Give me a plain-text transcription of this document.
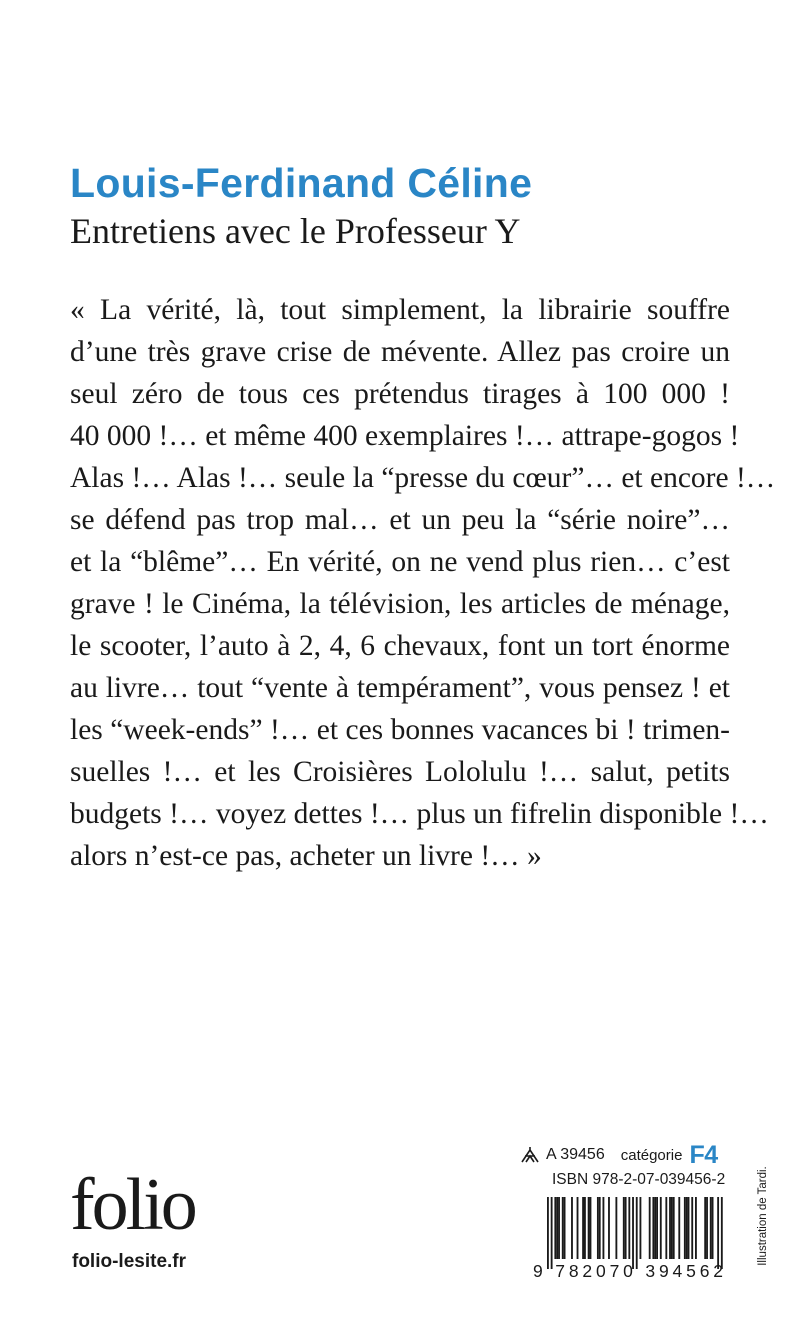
Louis-Ferdinand Céline
Entretiens avec le Professeur Y
« La vérité, là, tout simplement, la librairie souffre
d’une très grave crise de mévente. Allez pas croire un
seul zéro de tous ces prétendus tirages à 100 000 !
40 000 !… et même 400 exemplaires !… attrape-gogos !
Alas !… Alas !… seule la “presse du cœur”… et encore !…
se défend pas trop mal… et un peu la “série noire”…
et la “blême”… En vérité, on ne vend plus rien… c’est
grave ! le Cinéma, la télévision, les articles de ménage,
le scooter, l’auto à 2, 4, 6 chevaux, font un tort énorme
au livre… tout “vente à tempérament”, vous pensez ! et
les “week-ends” !… et ces bonnes vacances bi ! trimen-
suelles !… et les Croisières Lololulu !… salut, petits
budgets !… voyez dettes !… plus un fifrelin disponible !…
alors n’est-ce pas, acheter un livre !… »
folio
folio-lesite.fr
A 39456 catégorie F4
ISBN 978-2-07-039456-2
9 782070 394562
Illustration de Tardi.
